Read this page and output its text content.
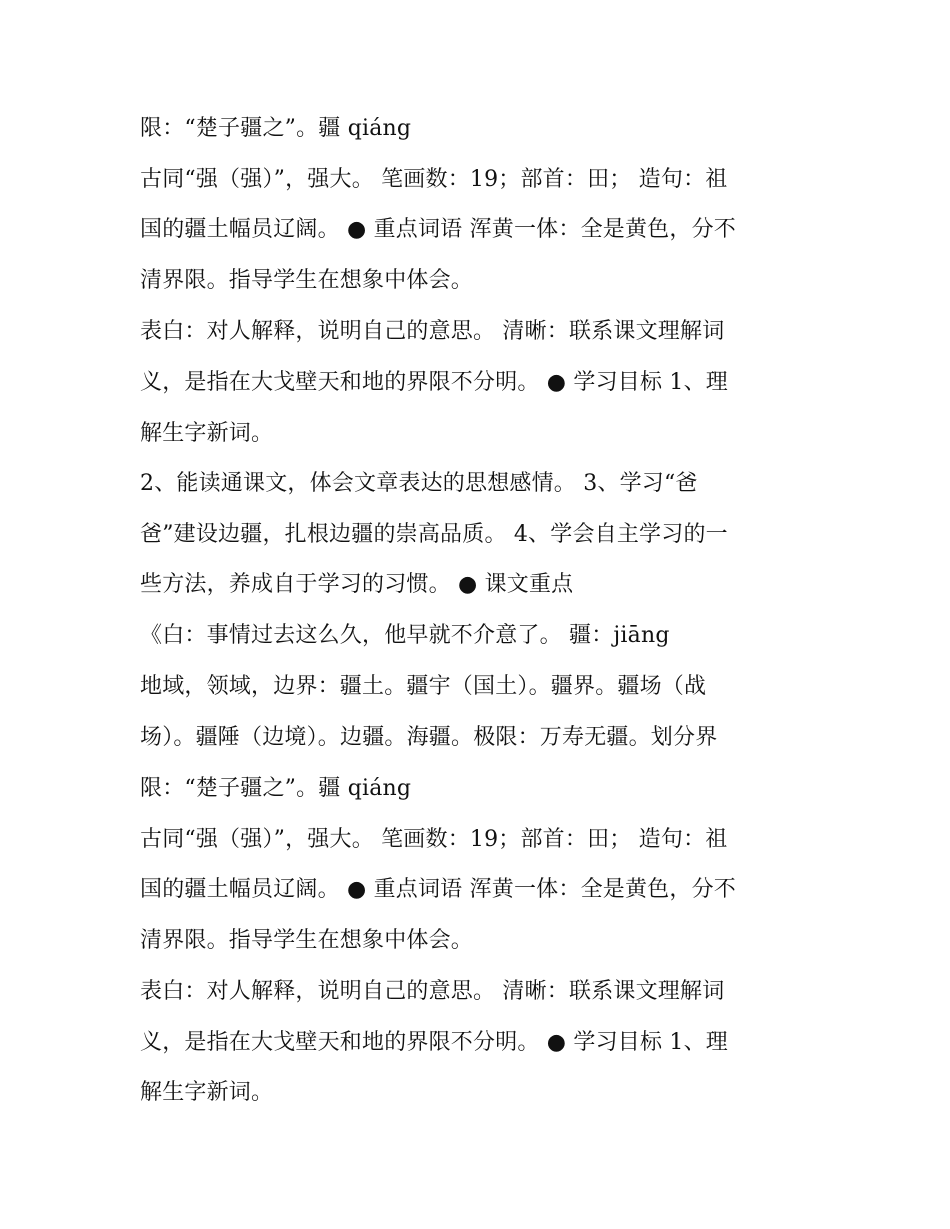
限：“楚子疆之”。疆 qiáng
古同“强（强）”，强大。 笔画数：19；部首：田； 造句：祖
国的疆土幅员辽阔。 ● 重点词语 浑黄一体：全是黄色，分不
清界限。指导学生在想象中体会。
表白：对人解释，说明自己的意思。 清晰：联系课文理解词
义，是指在大戈壁天和地的界限不分明。 ● 学习目标 1、理
解生字新词。
2、能读通课文，体会文章表达的思想感情。 3、学习“爸
爸”建设边疆，扎根边疆的崇高品质。 4、学会自主学习的一
些方法，养成自于学习的习惯。 ● 课文重点
《白：事情过去这么久，他早就不介意了。 疆：jiāng
地域，领域，边界：疆土。疆宇（国土）。疆界。疆场（战
场）。疆陲（边境）。边疆。海疆。极限：万寿无疆。划分界
限：“楚子疆之”。疆 qiáng
古同“强（强）”，强大。 笔画数：19；部首：田； 造句：祖
国的疆土幅员辽阔。 ● 重点词语 浑黄一体：全是黄色，分不
清界限。指导学生在想象中体会。
表白：对人解释，说明自己的意思。 清晰：联系课文理解词
义，是指在大戈壁天和地的界限不分明。 ● 学习目标 1、理
解生字新词。
